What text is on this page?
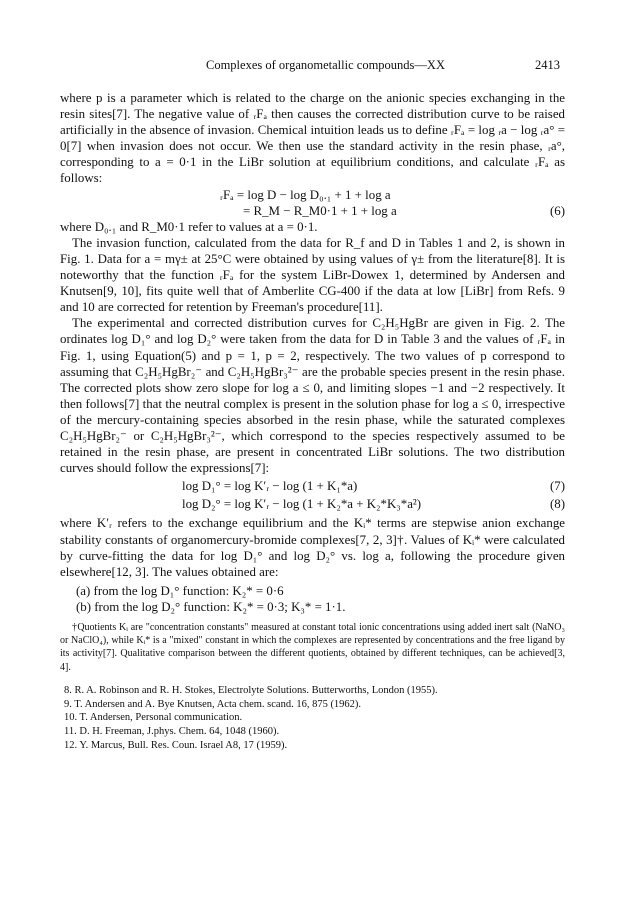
Complexes of organometallic compounds—XX	2413

where p is a parameter which is related to the charge on the anionic species exchanging in the resin sites[7]. The negative value of ᵣFₐ then causes the corrected distribution curve to be raised artificially in the absence of invasion. Chemical intuition leads us to define ᵣFₐ = log ᵣa − log ᵣa° = 0[7] when invasion does not occur. We then use the standard activity in the resin phase, ᵣa°, corresponding to a = 0·1 in the LiBr solution at equilibrium conditions, and calculate ᵣFₐ as follows:

ᵣFₐ = log D − log D₀.₁ + 1 + log a
= R_M − R_M0·1 + 1 + log a	(6)

where D₀.₁ and R_M0·1 refer to values at a = 0·1.

The invasion function, calculated from the data for R_f and D in Tables 1 and 2, is shown in Fig. 1. Data for a = mγ± at 25°C were obtained by using values of γ± from the literature[8]. It is noteworthy that the function ᵣFₐ for the system LiBr-Dowex 1, determined by Andersen and Knutsen[9, 10], fits quite well that of Amberlite CG-400 if the data at low [LiBr] from Refs. 9 and 10 are corrected for retention by Freeman's procedure[11].

The experimental and corrected distribution curves for C₂H₅HgBr are given in Fig. 2. The ordinates log D₁° and log D₂° were taken from the data for D in Table 3 and the values of ᵣFₐ in Fig. 1, using Equation(5) and p = 1, p = 2, respectively. The two values of p correspond to assuming that C₂H₅HgBr₂⁻ and C₂H₅HgBr₃²⁻ are the probable species present in the resin phase. The corrected plots show zero slope for log a ≤ 0, and limiting slopes −1 and −2 respectively. It then follows[7] that the neutral complex is present in the solution phase for log a ≤ 0, irrespective of the mercury-containing species absorbed in the resin phase, while the saturated complexes C₂H₅HgBr₂⁻ or C₂H₅HgBr₃²⁻, which correspond to the species respectively assumed to be retained in the resin phase, are present in concentrated LiBr solutions. The two distribution curves should follow the expressions[7]:

log D₁° = log K′ᵣ − log (1 + K₁*a)	(7)
log D₂° = log K′ᵣ − log (1 + K₂*a + K₂*K₃*a²)	(8)

where K′ᵣ refers to the exchange equilibrium and the Kᵢ* terms are stepwise anion exchange stability constants of organomercury-bromide complexes[7, 2, 3]†. Values of Kᵢ* were calculated by curve-fitting the data for log D₁° and log D₂° vs. log a, following the procedure given elsewhere[12, 3]. The values obtained are:

(a) from the log D₁° function: K₂* = 0·6
(b) from the log D₂° function: K₂* = 0·3; K₃* = 1·1.
†Quotients Kᵢ are "concentration constants" measured at constant total ionic concentrations using added inert salt (NaNO₃ or NaClO₄), while Kᵢ* is a "mixed" constant in which the complexes are represented by concentrations and the free ligand by its activity[7]. Qualitative comparison between the different quotients, obtained by different techniques, can be achieved[3, 4].
8. R. A. Robinson and R. H. Stokes, Electrolyte Solutions. Butterworths, London (1955).
9. T. Andersen and A. Bye Knutsen, Acta chem. scand. 16, 875 (1962).
10. T. Andersen, Personal communication.
11. D. H. Freeman, J.phys. Chem. 64, 1048 (1960).
12. Y. Marcus, Bull. Res. Coun. Israel A8, 17 (1959).
